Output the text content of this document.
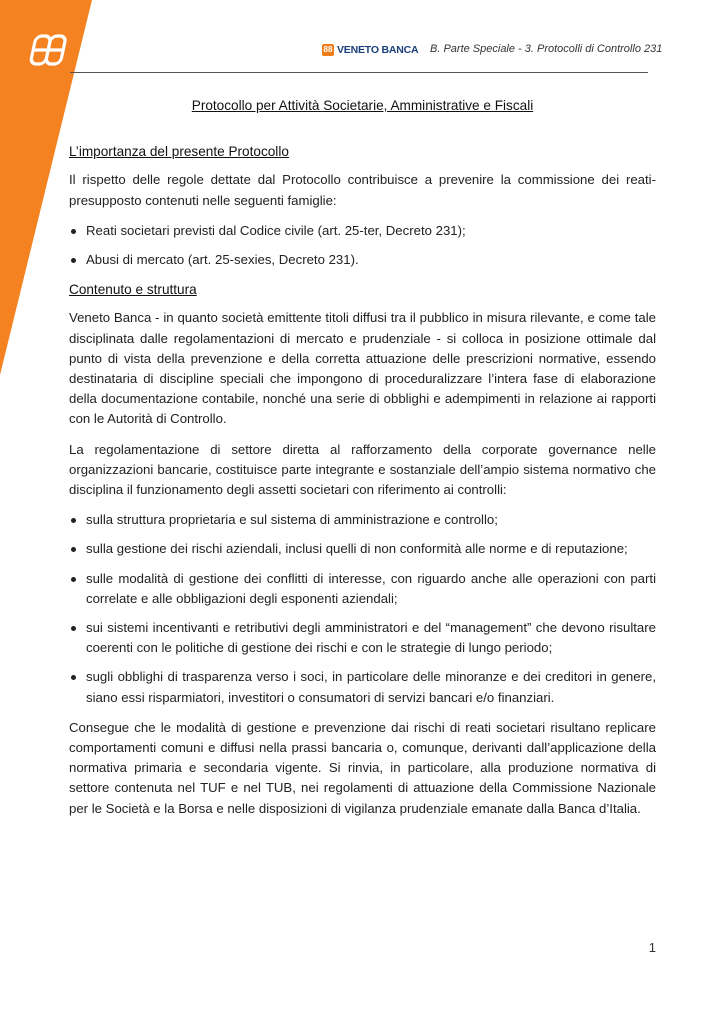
88 VENETO BANCA B. Parte Speciale - 3. Protocolli di Controllo 231
Protocollo per Attività Societarie, Amministrative e Fiscali
L’importanza del presente Protocollo

Il rispetto delle regole dettate dal Protocollo contribuisce a prevenire la commissione dei reati-presupposto contenuti nelle seguenti famiglie:

Reati societari previsti dal Codice civile (art. 25-ter, Decreto 231);
Abusi di mercato (art. 25-sexies, Decreto 231).
Contenuto e struttura

Veneto Banca - in quanto società emittente titoli diffusi tra il pubblico in misura rilevante, e come tale disciplinata dalle regolamentazioni di mercato e prudenziale - si colloca in posizione ottimale dal punto di vista della prevenzione e della corretta attuazione delle prescrizioni normative, essendo destinataria di discipline speciali che impongono di proceduralizzare l’intera fase di elaborazione della documentazione contabile, nonché una serie di obblighi e adempimenti in relazione ai rapporti con le Autorità di Controllo.

La regolamentazione di settore diretta al rafforzamento della corporate governance nelle organizzazioni bancarie, costituisce parte integrante e sostanziale dell’ampio sistema normativo che disciplina il funzionamento degli assetti societari con riferimento ai controlli:

sulla struttura proprietaria e sul sistema di amministrazione e controllo;
sulla gestione dei rischi aziendali, inclusi quelli di non conformità alle norme e di reputazione;
sulle modalità di gestione dei conflitti di interesse, con riguardo anche alle operazioni con parti correlate e alle obbligazioni degli esponenti aziendali;
sui sistemi incentivanti e retributivi degli amministratori e del “management” che devono risultare coerenti con le politiche di gestione dei rischi e con le strategie di lungo periodo;
sugli obblighi di trasparenza verso i soci, in particolare delle minoranze e dei creditori in genere, siano essi risparmiatori, investitori o consumatori di servizi bancari e/o finanziari.

Consegue che le modalità di gestione e prevenzione dai rischi di reati societari risultano replicare comportamenti comuni e diffusi nella prassi bancaria o, comunque, derivanti dall’applicazione della normativa primaria e secondaria vigente. Si rinvia, in particolare, alla produzione normativa di settore contenuta nel TUF e nel TUB, nei regolamenti di attuazione della Commissione Nazionale per le Società e la Borsa e nelle disposizioni di vigilanza prudenziale emanate dalla Banca d’Italia.

1
